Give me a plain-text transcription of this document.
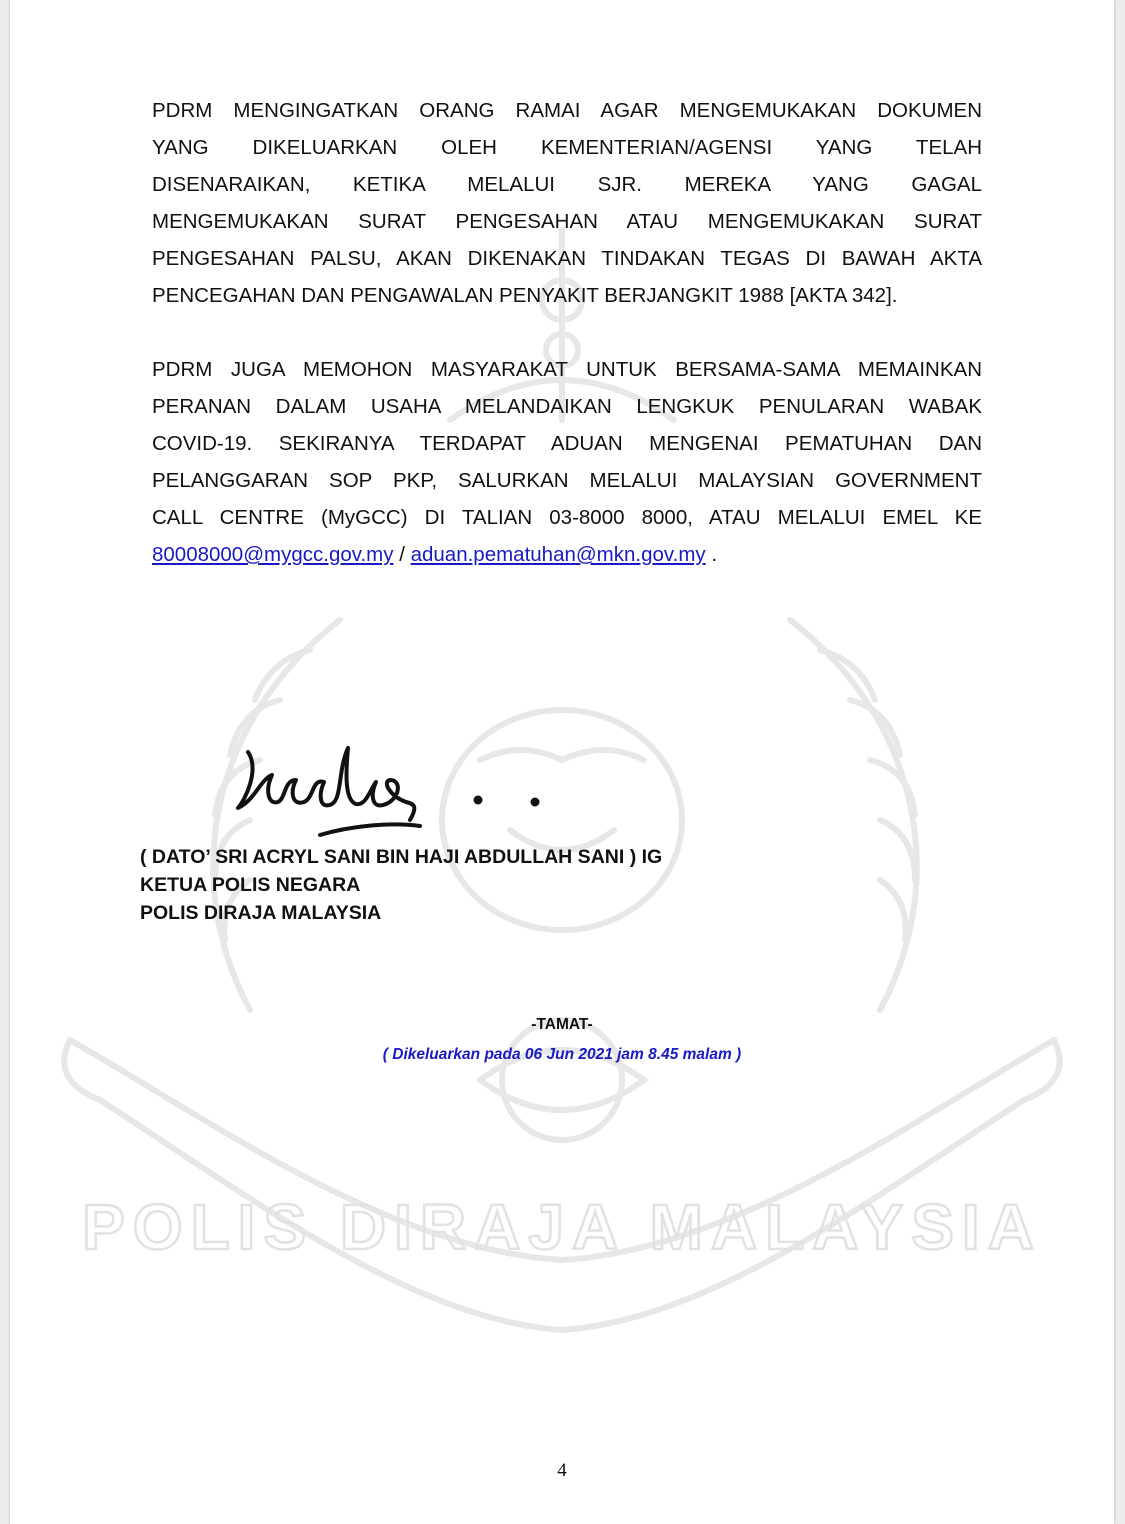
POLIS DIRAJA MALAYSIA
PDRM MENGINGATKAN ORANG RAMAI AGAR MENGEMUKAKAN DOKUMEN
YANG DIKELUARKAN OLEH KEMENTERIAN/AGENSI YANG TELAH
DISENARAIKAN, KETIKA MELALUI SJR. MEREKA YANG GAGAL
MENGEMUKAKAN SURAT PENGESAHAN ATAU MENGEMUKAKAN SURAT
PENGESAHAN PALSU, AKAN DIKENAKAN TINDAKAN TEGAS DI BAWAH AKTA
PENCEGAHAN DAN PENGAWALAN PENYAKIT BERJANGKIT 1988 [AKTA 342].
PDRM JUGA MEMOHON MASYARAKAT UNTUK BERSAMA-SAMA MEMAINKAN
PERANAN DALAM USAHA MELANDAIKAN LENGKUK PENULARAN WABAK
COVID-19. SEKIRANYA TERDAPAT ADUAN MENGENAI PEMATUHAN DAN
PELANGGARAN SOP PKP, SALURKAN MELALUI MALAYSIAN GOVERNMENT
CALL CENTRE (MyGCC) DI TALIAN 03-8000 8000, ATAU MELALUI EMEL KE
80008000@mygcc.gov.my / aduan.pematuhan@mkn.gov.my .
( DATO’ SRI ACRYL SANI BIN HAJI ABDULLAH SANI ) IG
KETUA POLIS NEGARA
POLIS DIRAJA MALAYSIA
-TAMAT-
( Dikeluarkan pada 06 Jun 2021 jam 8.45 malam )
4
